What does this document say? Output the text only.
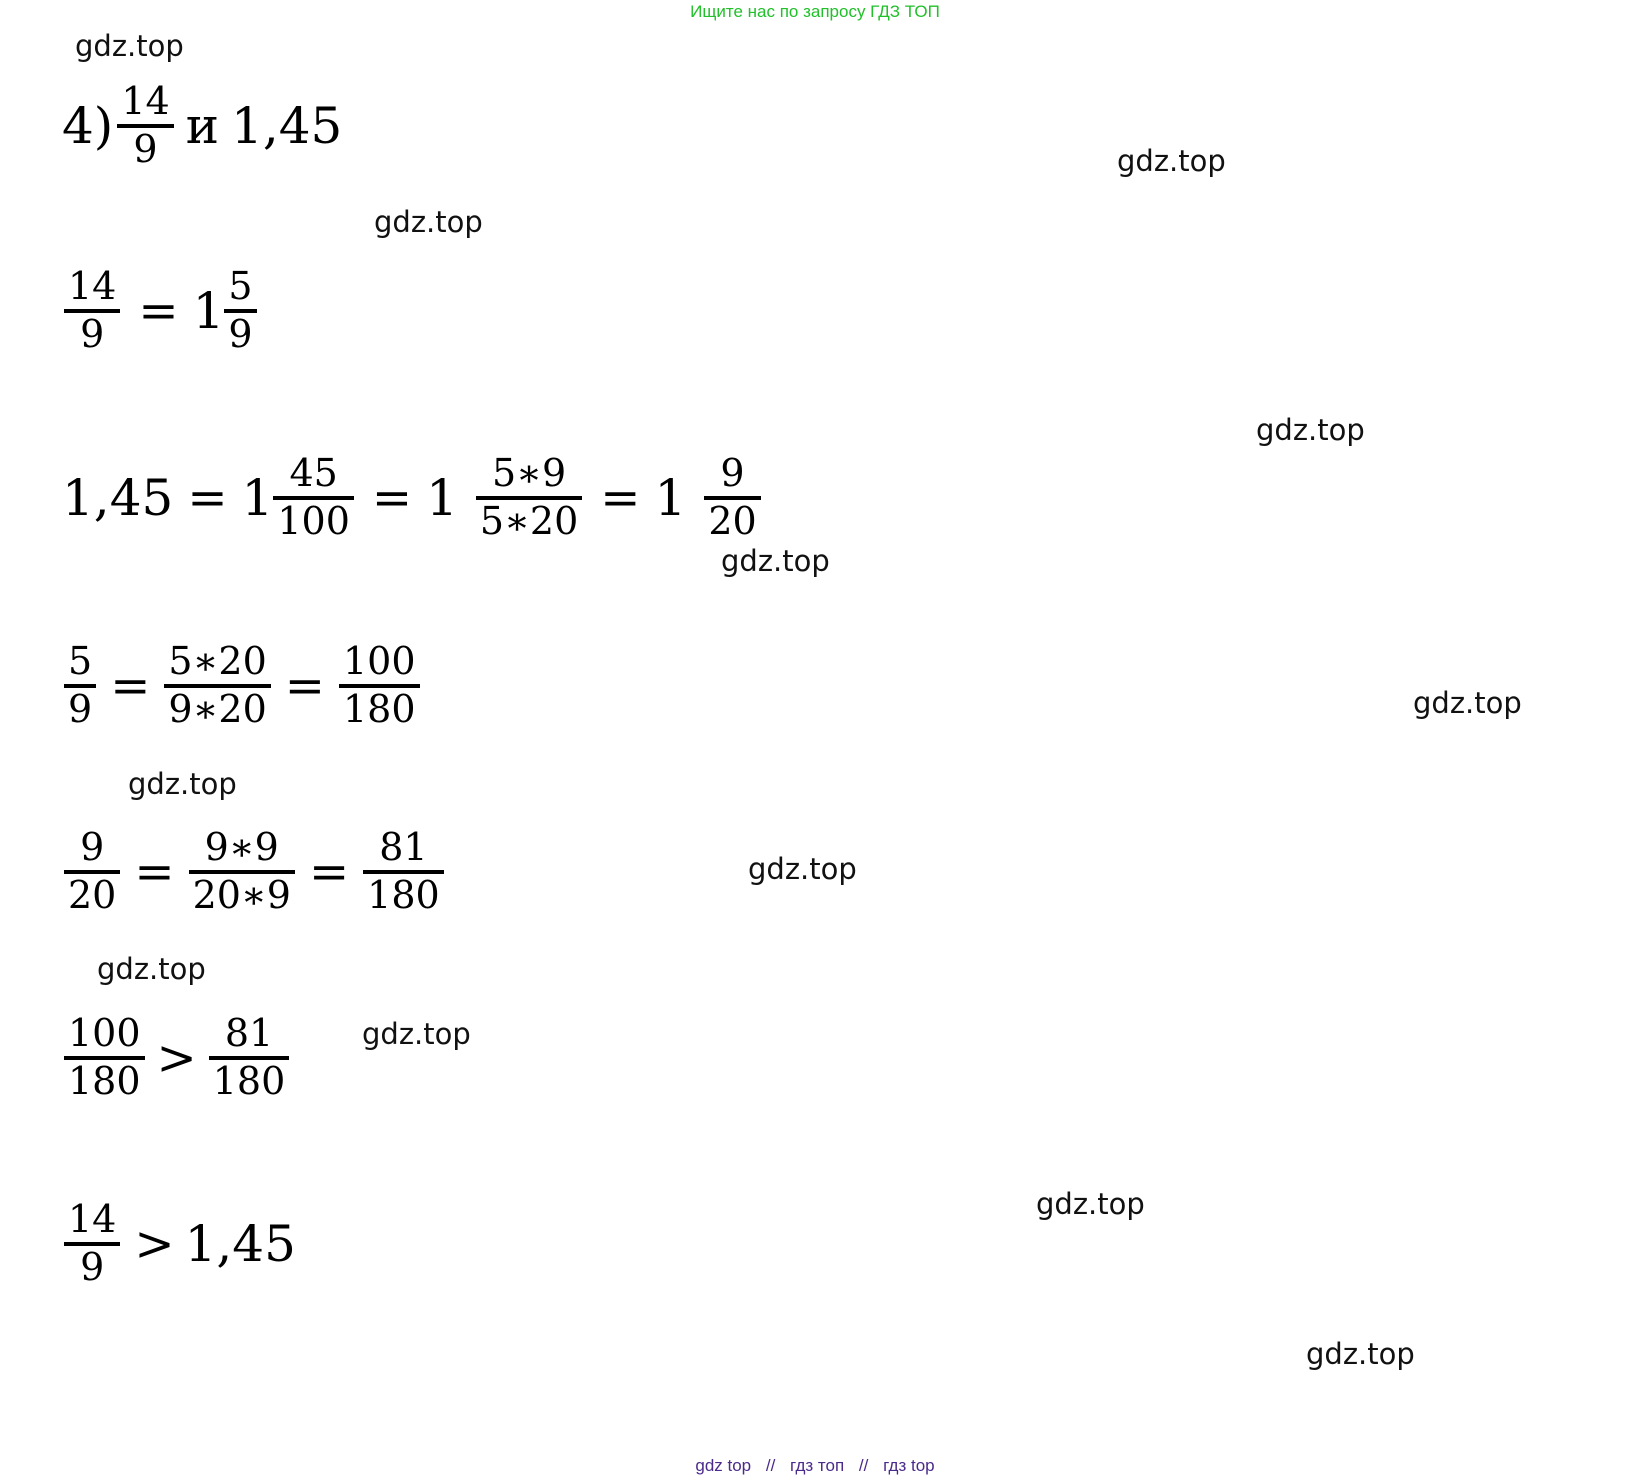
Ищите нас по запросу ГДЗ ТОП
gdz.top
gdz.top
gdz.top
gdz.top
gdz.top
gdz.top
gdz.top
gdz.top
gdz.top
gdz.top
gdz.top
gdz.top
$4) \frac{14}{9}$ и 1,45
$\frac{14}{9} = 1 \frac{5}{9}$
$1,45 = 1 \frac{45}{100} = 1 \frac{5∗9}{5∗20} = 1 \frac{9}{20}$
$\frac{5}{9} = \frac{5∗20}{9∗20} = \frac{100}{180}$
$\frac{9}{20} = \frac{9∗9}{20∗9} = \frac{81}{180}$
$\frac{100}{180} > \frac{81}{180}$
$\frac{14}{9} > 1,45$
gdz top // гдз топ // гдз top
